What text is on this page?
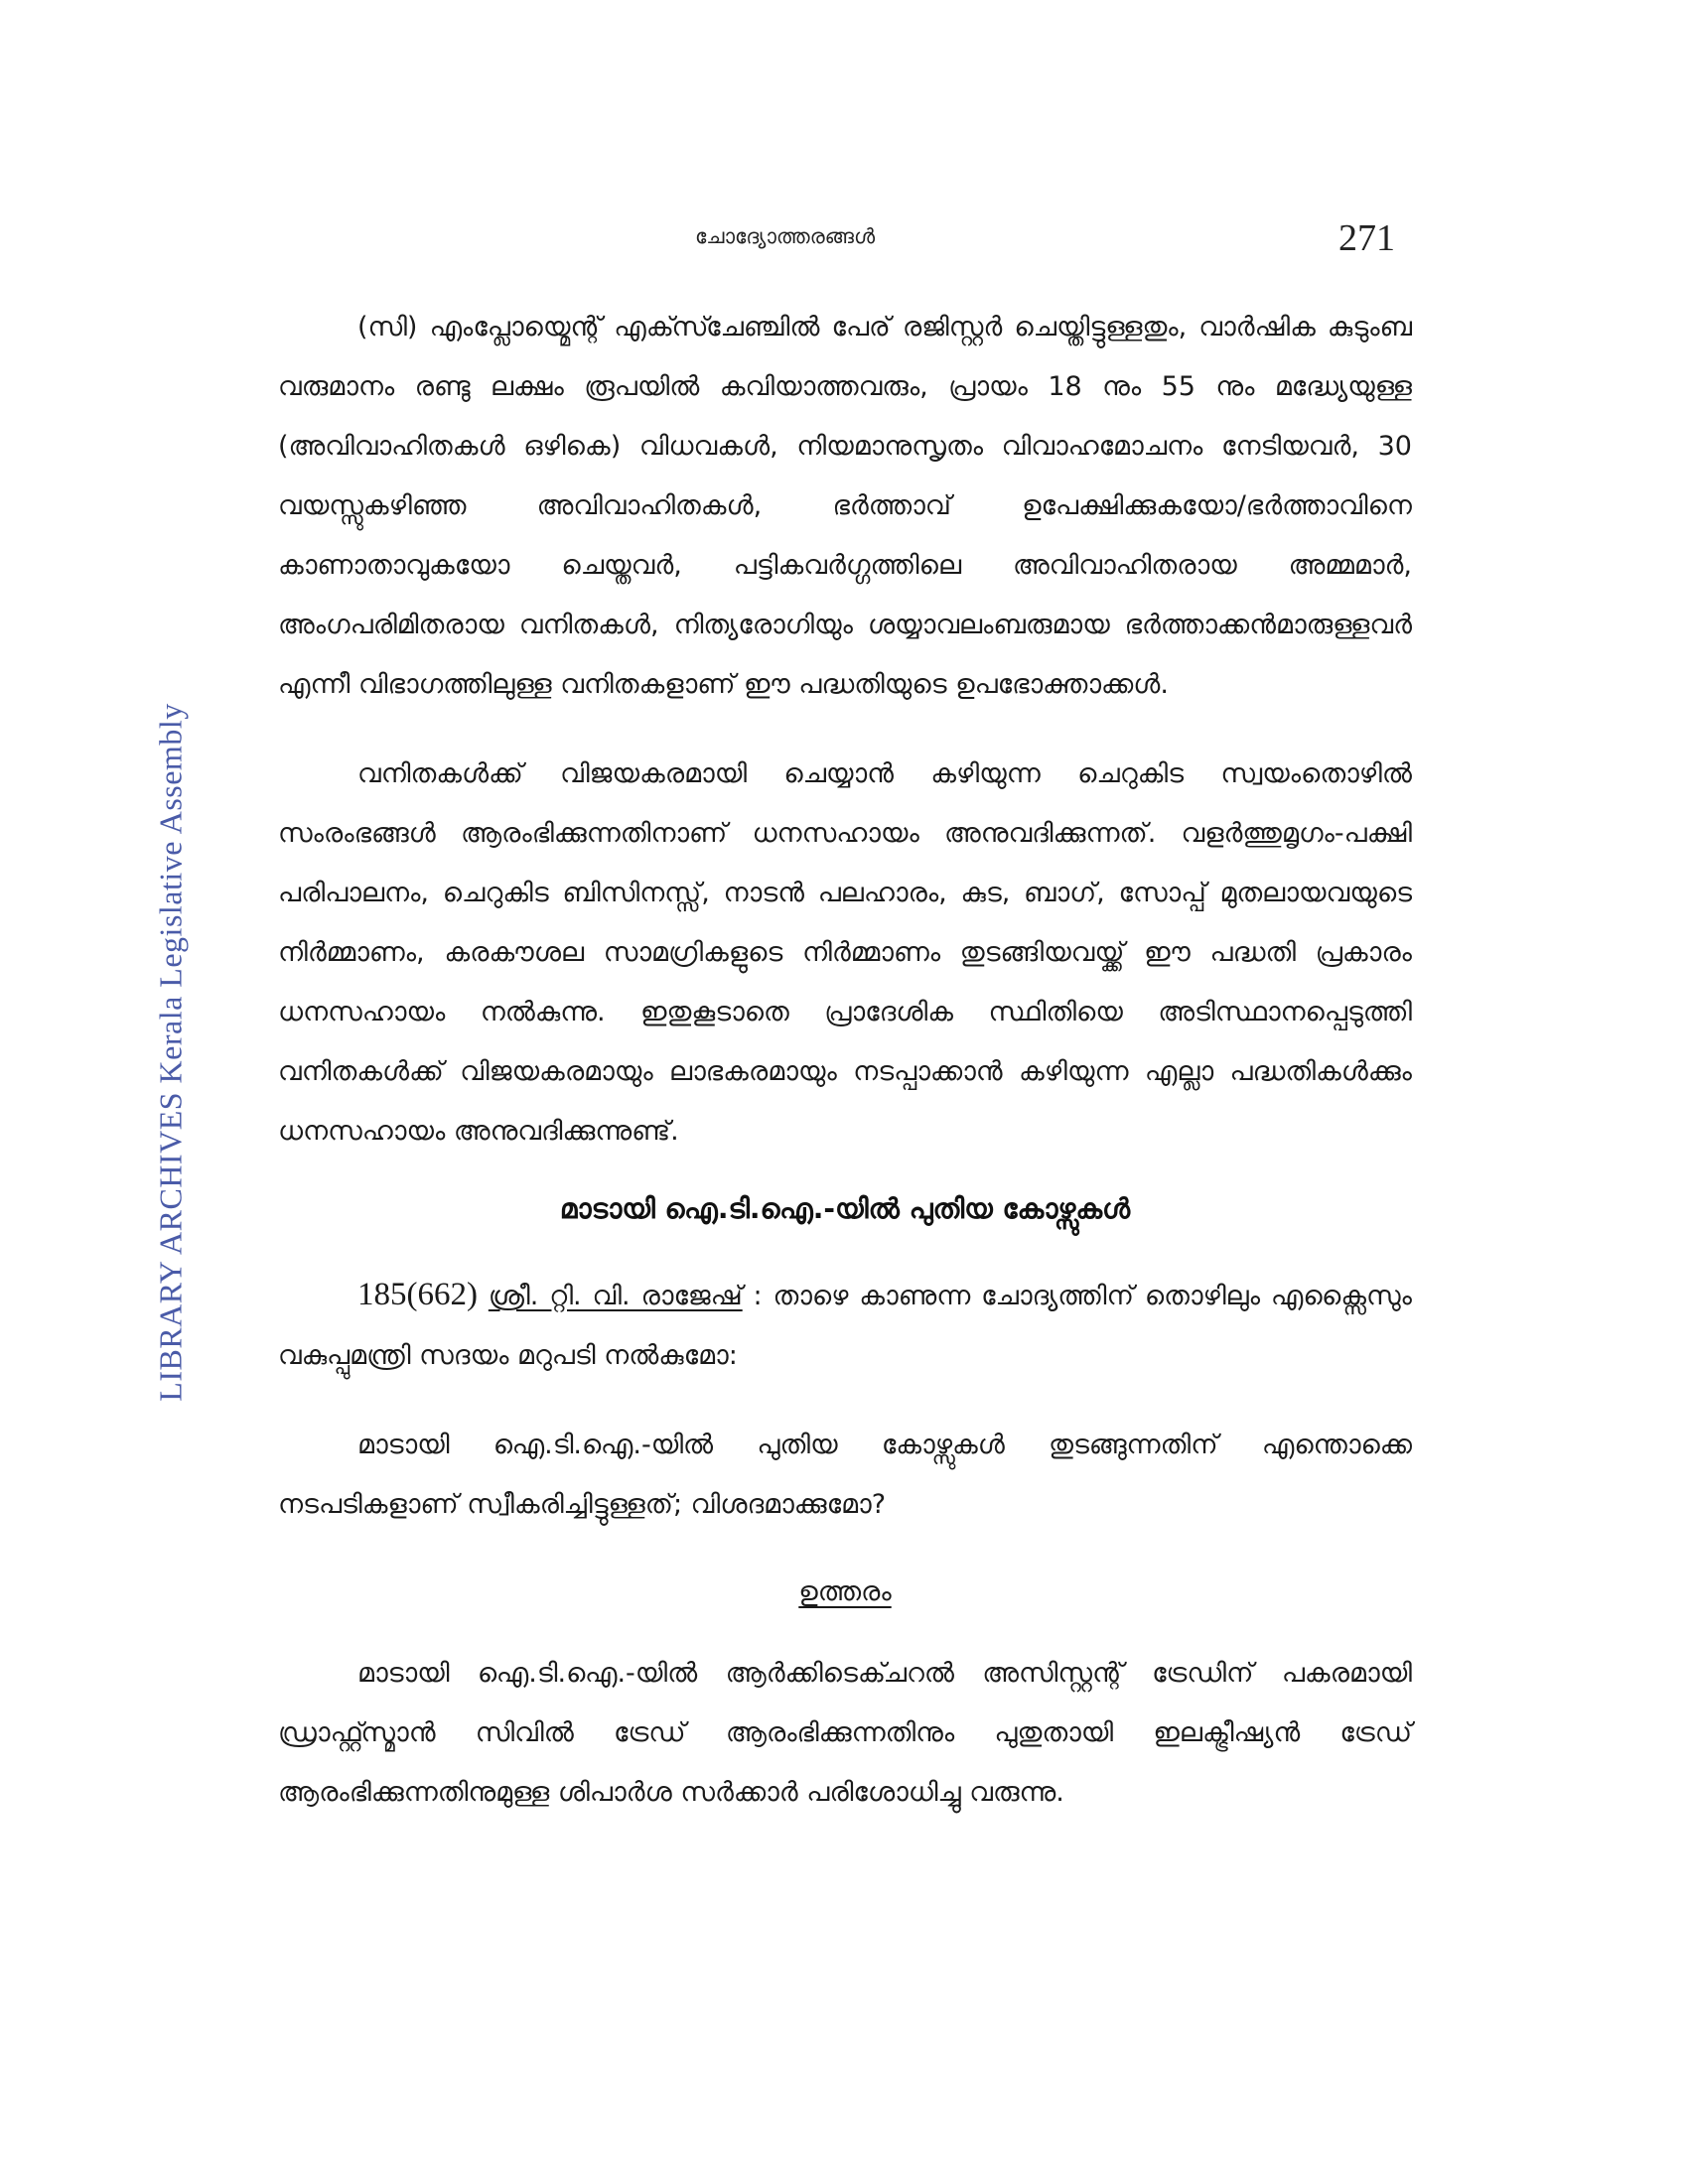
ചോദ്യോത്തരങ്ങൾ	271
LIBRARY ARCHIVES Kerala Legislative Assembly

(സി) എംപ്ലോയ്മെന്റ് എക്സ്ചേഞ്ചിൽ പേര് രജിസ്റ്റർ ചെയ്തിട്ടുള്ളതും, വാർഷിക കുടുംബ വരുമാനം രണ്ടു ലക്ഷം രൂപയിൽ കവിയാത്തവരും, പ്രായം 18 നും 55 നും മദ്ധ്യേയുള്ള (അവിവാഹിതകൾ ഒഴികെ) വിധവകൾ, നിയമാനുസൃതം വിവാഹമോചനം നേടിയവർ, 30 വയസ്സുകഴിഞ്ഞ അവിവാഹിതകൾ, ഭർത്താവ് ഉപേക്ഷിക്കുകയോ/ഭർത്താവിനെ കാണാതാവുകയോ ചെയ്തവർ, പട്ടികവർഗ്ഗത്തിലെ അവിവാഹിതരായ അമ്മമാർ, അംഗപരിമിതരായ വനിതകൾ, നിത്യരോഗിയും ശയ്യാവലംബരുമായ ഭർത്താക്കൻമാരുള്ളവർ എന്നീ വിഭാഗത്തിലുള്ള വനിതകളാണ് ഈ പദ്ധതിയുടെ ഉപഭോക്താക്കൾ.

വനിതകൾക്ക് വിജയകരമായി ചെയ്യാൻ കഴിയുന്ന ചെറുകിട സ്വയംതൊഴിൽ സംരംഭങ്ങൾ ആരംഭിക്കുന്നതിനാണ് ധനസഹായം അനുവദിക്കുന്നത്. വളർത്തുമൃഗം-പക്ഷി പരിപാലനം, ചെറുകിട ബിസിനസ്സ്, നാടൻ പലഹാരം, കുട, ബാഗ്, സോപ്പ് മുതലായവയുടെ നിർമ്മാണം, കരകൗശല സാമഗ്രികളുടെ നിർമ്മാണം തുടങ്ങിയവയ്ക്ക് ഈ പദ്ധതി പ്രകാരം ധനസഹായം നൽകുന്നു. ഇതുകൂടാതെ പ്രാദേശിക സ്ഥിതിയെ അടിസ്ഥാനപ്പെടുത്തി വനിതകൾക്ക് വിജയകരമായും ലാഭകരമായും നടപ്പാക്കാൻ കഴിയുന്ന എല്ലാ പദ്ധതികൾക്കും ധനസഹായം അനുവദിക്കുന്നുണ്ട്.

മാടായി ഐ.ടി.ഐ.-യിൽ പുതിയ കോഴ്സുകൾ

185(662) ശ്രീ. റ്റി. വി. രാജേഷ് : താഴെ കാണുന്ന ചോദ്യത്തിന് തൊഴിലും എക്സൈസും വകുപ്പുമന്ത്രി സദയം മറുപടി നൽകുമോ:

മാടായി ഐ.ടി.ഐ.-യിൽ പുതിയ കോഴ്സുകൾ തുടങ്ങുന്നതിന് എന്തൊക്കെ നടപടികളാണ് സ്വീകരിച്ചിട്ടുള്ളത്; വിശദമാക്കുമോ?

ഉത്തരം

മാടായി ഐ.ടി.ഐ.-യിൽ ആർക്കിടെക്ചറൽ അസിസ്റ്റന്റ് ട്രേഡിന് പകരമായി ഡ്രാഫ്റ്റ്സ്മാൻ സിവിൽ ട്രേഡ് ആരംഭിക്കുന്നതിനും പുതുതായി ഇലക്ട്രീഷ്യൻ ട്രേഡ് ആരംഭിക്കുന്നതിനുമുള്ള ശിപാർശ സർക്കാർ പരിശോധിച്ചു വരുന്നു.
